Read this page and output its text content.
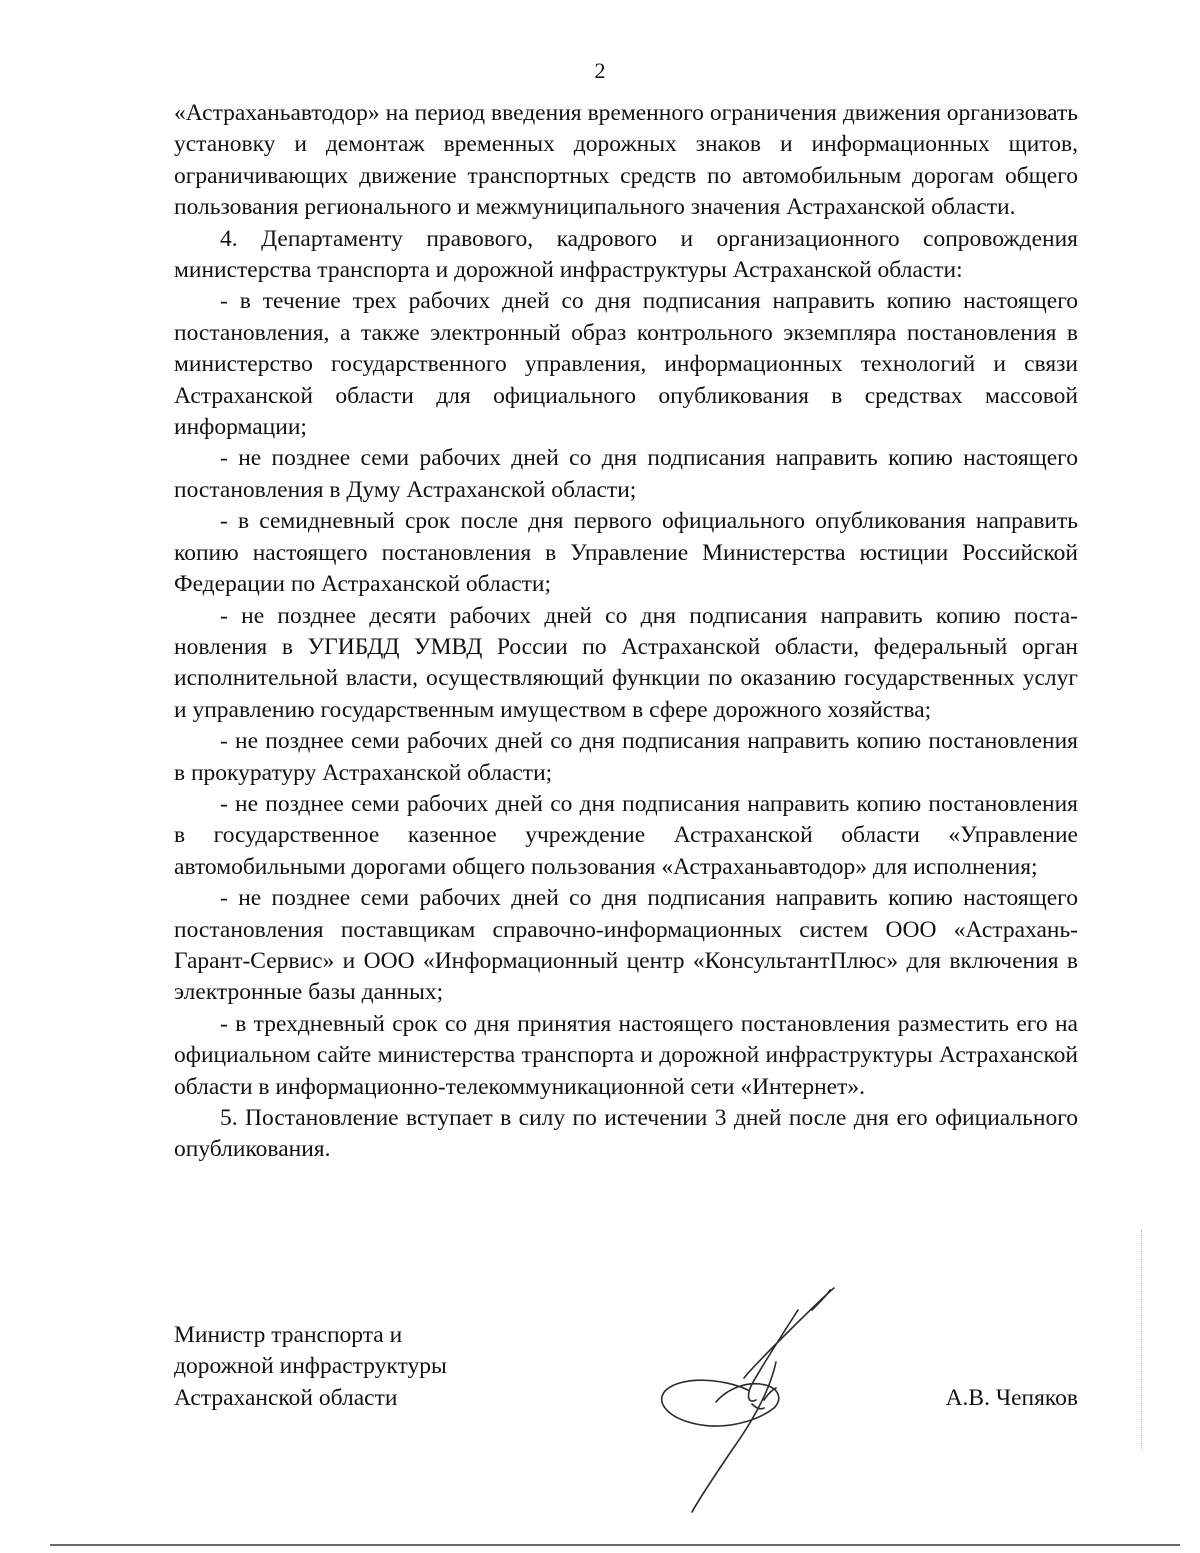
2

«Астраханьавтодор» на период введения временного ограничения движения организовать установку и демонтаж временных дорожных знаков и информационных щитов, ограничивающих движение транспортных средств по автомобильным дорогам общего пользования регионального и межмуниципального значения Астраханской области.

4. Департаменту правового, кадрового и организационного сопровождения министерства транспорта и дорожной инфраструктуры Астраханской области:

- в течение трех рабочих дней со дня подписания направить копию настоящего постановления, а также электронный образ контрольного экземпляра постановления в министерство государственного управления, информационных технологий и связи Астраханской области для официального опубликования в средствах массовой информации;

- не позднее семи рабочих дней со дня подписания направить копию настоящего постановления в Думу Астраханской области;

- в семидневный срок после дня первого официального опубликования направить копию настоящего постановления в Управление Министерства юстиции Российской Федерации по Астраханской области;

- не позднее десяти рабочих дней со дня подписания направить копию постановления в УГИБДД УМВД России по Астраханской области, федеральный орган исполнительной власти, осуществляющий функции по оказанию государственных услуг и управлению государственным имуществом в сфере дорожного хозяйства;

- не позднее семи рабочих дней со дня подписания направить копию постановления в прокуратуру Астраханской области;

- не позднее семи рабочих дней со дня подписания направить копию постановления в государственное казенное учреждение Астраханской области «Управление автомобильными дорогами общего пользования «Астраханьавтодор» для исполнения;

- не позднее семи рабочих дней со дня подписания направить копию настоящего постановления поставщикам справочно-информационных систем ООО «Астрахань-Гарант-Сервис» и ООО «Информационный центр «КонсультантПлюс» для включения в электронные базы данных;

- в трехдневный срок со дня принятия настоящего постановления разместить его на официальном сайте министерства транспорта и дорожной инфраструктуры Астраханской области в информационно-телекоммуникационной сети «Интернет».

5. Постановление вступает в силу по истечении 3 дней после дня его официального опубликования.

Министр транспорта и
дорожной инфраструктуры
Астраханской области	А.В. Чепяков
